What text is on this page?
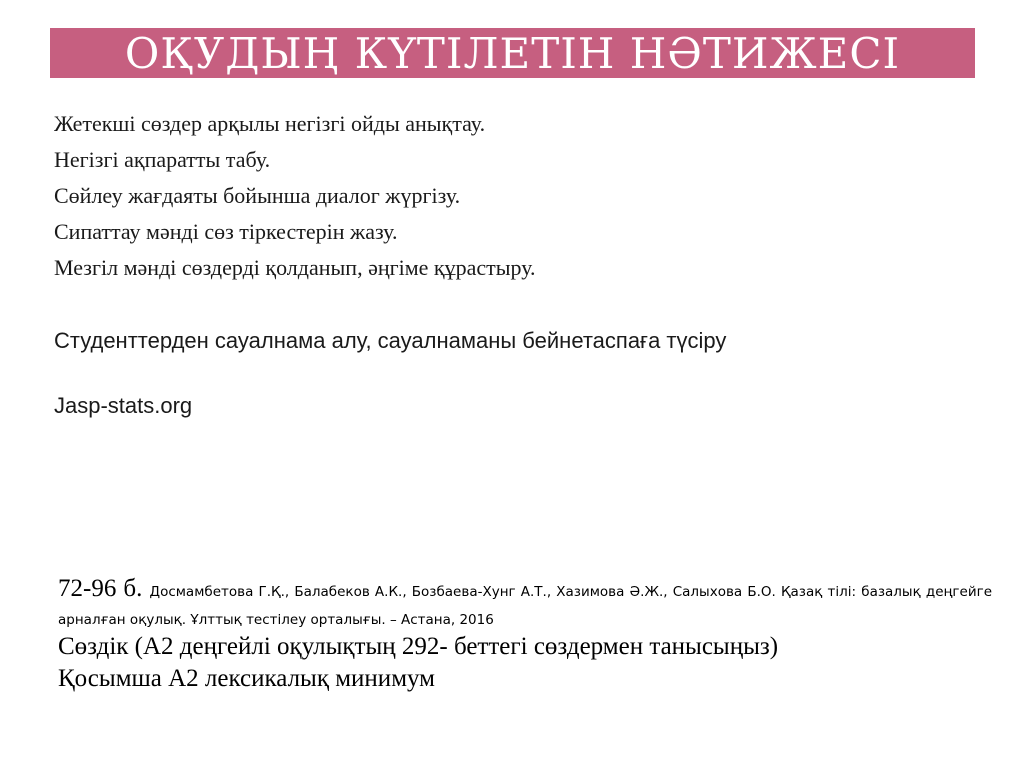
ОҚУДЫҢ КҮТІЛЕТІН НӘТИЖЕСІ
Жетекші сөздер арқылы негізгі ойды анықтау.
Негізгі ақпаратты табу.
Сөйлеу жағдаяты бойынша диалог жүргізу.
Сипаттау мәнді сөз тіркестерін жазу.
Мезгіл мәнді сөздерді қолданып, әңгіме құрастыру.
Студенттерден сауалнама алу, сауалнаманы бейнетаспаға түсіру
Jasp-stats.org
72-96 б. Досмамбетова Г.Қ., Балабеков А.К., Бозбаева-Хунг А.Т., Хазимова Ә.Ж., Салыхова Б.О. Қазақ тілі: базалық деңгейге арналған оқулық. Ұлттық тестілеу орталығы. – Астана, 2016
Сөздік (А2 деңгейлі оқулықтың 292- беттегі сөздермен танысыңыз)
Қосымша А2 лексикалық минимум
